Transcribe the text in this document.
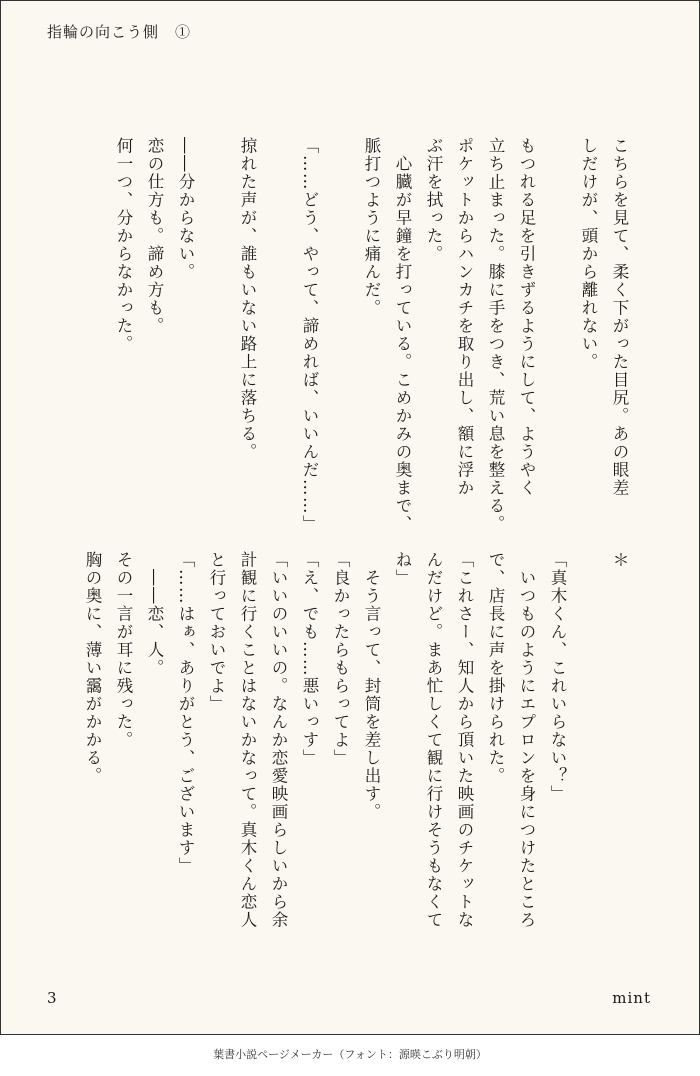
指輪の向こう側　①
こちらを見て、柔く下がった目尻。あの眼差
しだけが、頭から離れない。

もつれる足を引きずるようにして、ようやく
立ち止まった。膝に手をつき、荒い息を整える。
ポケットからハンカチを取り出し、額に浮か
ぶ汗を拭った。
　心臓が早鐘を打っている。こめかみの奥まで、
脈打つように痛んだ。

「……どう、やって、諦めれば、いいんだ……」

掠れた声が、誰もいない路上に落ちる。

――分からない。
恋の仕方も。諦め方も。
何一つ、分からなかった。
＊

「真木くん、これいらない？」
　いつものようにエプロンを身につけたところ
で、店長に声を掛けられた。
「これさー、知人から頂いた映画のチケットな
んだけど。まあ忙しくて観に行けそうもなくて
ね」
　そう言って、封筒を差し出す。
「良かったらもらってよ」
「え、でも……悪いっす」
「いいのいいの。なんか恋愛映画らしいから余
計観に行くことはないかなって。真木くん恋人
と行っておいでよ」
「……はぁ、ありがとう、ございます」
　――恋、人。
その一言が耳に残った。
胸の奥に、薄い靄がかかる。
3	mint
葉書小説ページメーカー（フォント：源暎こぶり明朝）
